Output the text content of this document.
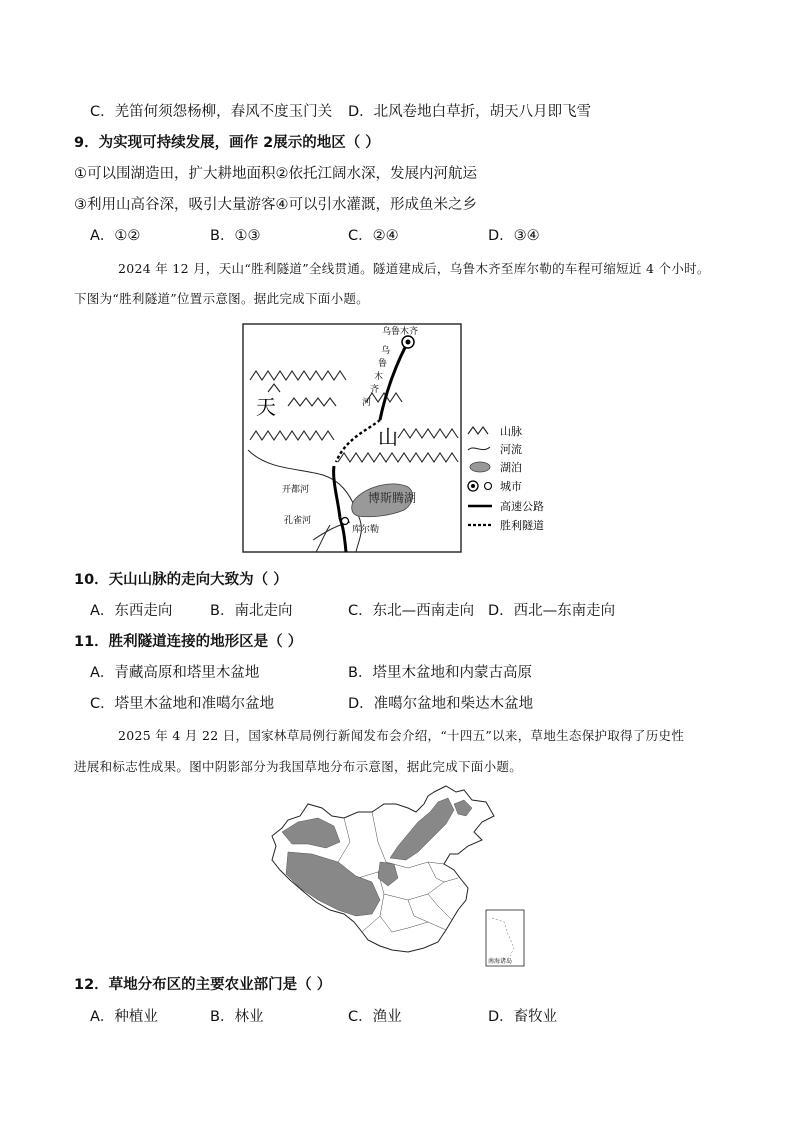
C．羌笛何须怨杨柳，春风不度玉门关 D．北风卷地白草折，胡天八月即飞雪
9．为实现可持续发展，画作 2展示的地区（ ）
①可以围湖造田，扩大耕地面积②依托江阔水深，发展内河航运
③利用山高谷深，吸引大量游客④可以引水灌溉，形成鱼米之乡
A．①②	B．①③	C．②④	D．③④
2024 年 12 月，天山“胜利隧道”全线贯通。隧道建成后，乌鲁木齐至库尔勒的车程可缩短近 4 个小时。
下图为“胜利隧道”位置示意图。据此完成下面小题。
乌鲁木齐
乌
鲁
木
齐
河
天
山
开都河
博斯腾湖
孔雀河
库尔勒
山脉
河流
湖泊
城市
高速公路
胜利隧道
10．天山山脉的走向大致为（ ）
A．东西走向	B．南北走向	C．东北—西南走向 D．西北—东南走向
11．胜利隧道连接的地形区是（ ）
A．青藏高原和塔里木盆地	B．塔里木盆地和内蒙古高原
C．塔里木盆地和准噶尔盆地	D．准噶尔盆地和柴达木盆地
2025 年 4 月 22 日，国家林草局例行新闻发布会介绍，“十四五”以来，草地生态保护取得了历史性
进展和标志性成果。图中阴影部分为我国草地分布示意图，据此完成下面小题。
南海诸岛
12．草地分布区的主要农业部门是（ ）
A．种植业	B．林业	C．渔业	D．畜牧业
